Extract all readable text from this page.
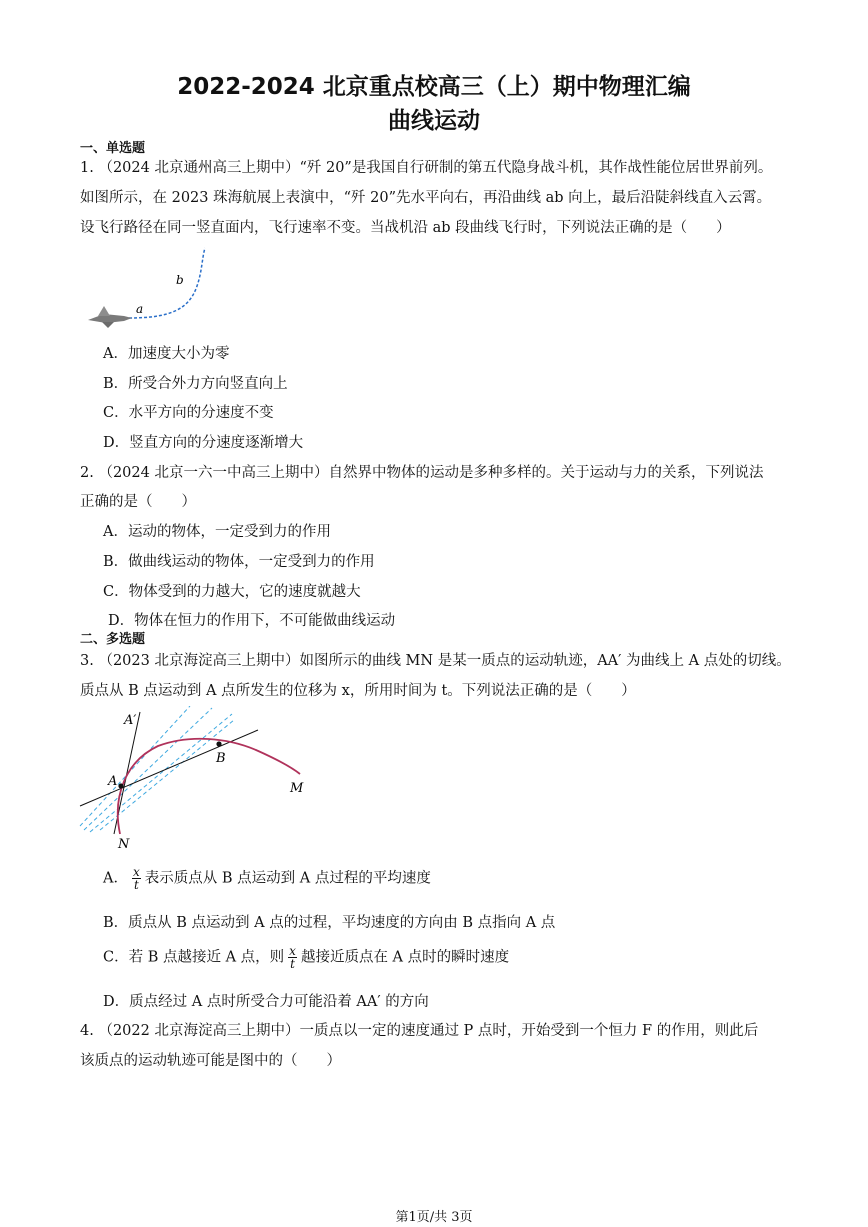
2022-2024 北京重点校高三（上）期中物理汇编
曲线运动
一、单选题
1. （2024 北京通州高三上期中）“歼 20”是我国自行研制的第五代隐身战斗机，其作战性能位居世界前列。
如图所示，在 2023 珠海航展上表演中，“歼 20”先水平向右，再沿曲线 ab 向上，最后沿陡斜线直入云霄。
设飞行路径在同一竖直面内，飞行速率不变。当战机沿 ab 段曲线飞行时，下列说法正确的是（　　）
a
b
A．加速度大小为零
B．所受合外力方向竖直向上
C．水平方向的分速度不变
D．竖直方向的分速度逐渐增大
2. （2024 北京一六一中高三上期中）自然界中物体的运动是多种多样的。关于运动与力的关系，下列说法
正确的是（　　）
A．运动的物体，一定受到力的作用
B．做曲线运动的物体，一定受到力的作用
C．物体受到的力越大，它的速度就越大
D．物体在恒力的作用下，不可能做曲线运动
二、多选题
3. （2023 北京海淀高三上期中）如图所示的曲线 MN 是某一质点的运动轨迹，AA′ 为曲线上 A 点处的切线。
质点从 B 点运动到 A 点所发生的位移为 x，所用时间为 t。下列说法正确的是（　　）
A′
A
B
M
N
A． $\frac{x}{t}$ 表示质点从 B 点运动到 A 点过程的平均速度
B．质点从 B 点运动到 A 点的过程，平均速度的方向由 B 点指向 A 点
C．若 B 点越接近 A 点，则 $\frac{x}{t}$ 越接近质点在 A 点时的瞬时速度
D．质点经过 A 点时所受合力可能沿着 AA′ 的方向
4. （2022 北京海淀高三上期中）一质点以一定的速度通过 P 点时，开始受到一个恒力 F 的作用，则此后
该质点的运动轨迹可能是图中的（　　）
第1页/共 3页
